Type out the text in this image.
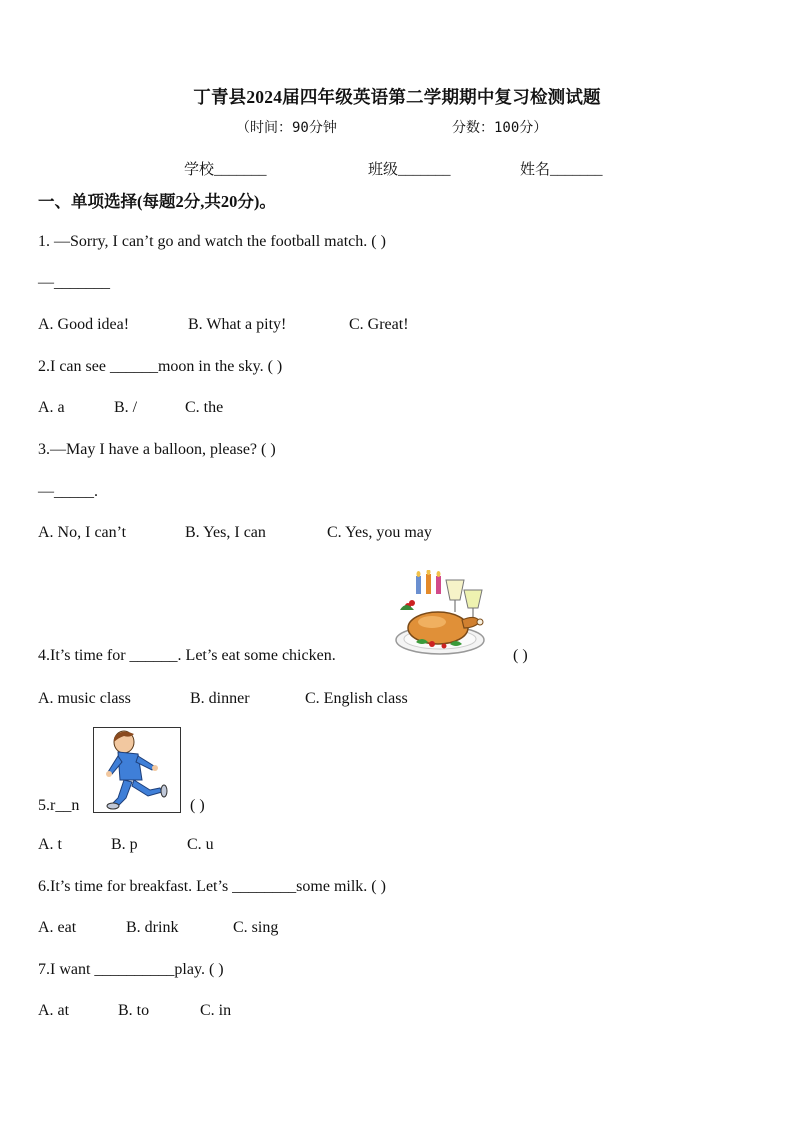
丁青县2024届四年级英语第二学期期中复习检测试题
（时间：90分钟	分数：100分）
学校_______	班级_______	姓名_______
一、单项选择(每题2分,共20分)。
1. —Sorry, I can’t go and watch the football match. ( )
—_______
A. Good idea!	B. What a pity!	C. Great!
2.I can see ______moon in the sky. ( )
A. a	B. /	C. the
3.—May I have a balloon, please? ( )
—_____.
A. No, I can’t	B. Yes, I can	C. Yes, you may
4.It’s time for ______. Let’s eat some chicken.	( )
A. music class	B. dinner	C. English class
5.r__n	( )
A. t	B. p	C. u
6.It’s time for breakfast. Let’s ________some milk. ( )
A. eat	B. drink	C. sing
7.I want __________play. ( )
A. at	B. to	C. in
